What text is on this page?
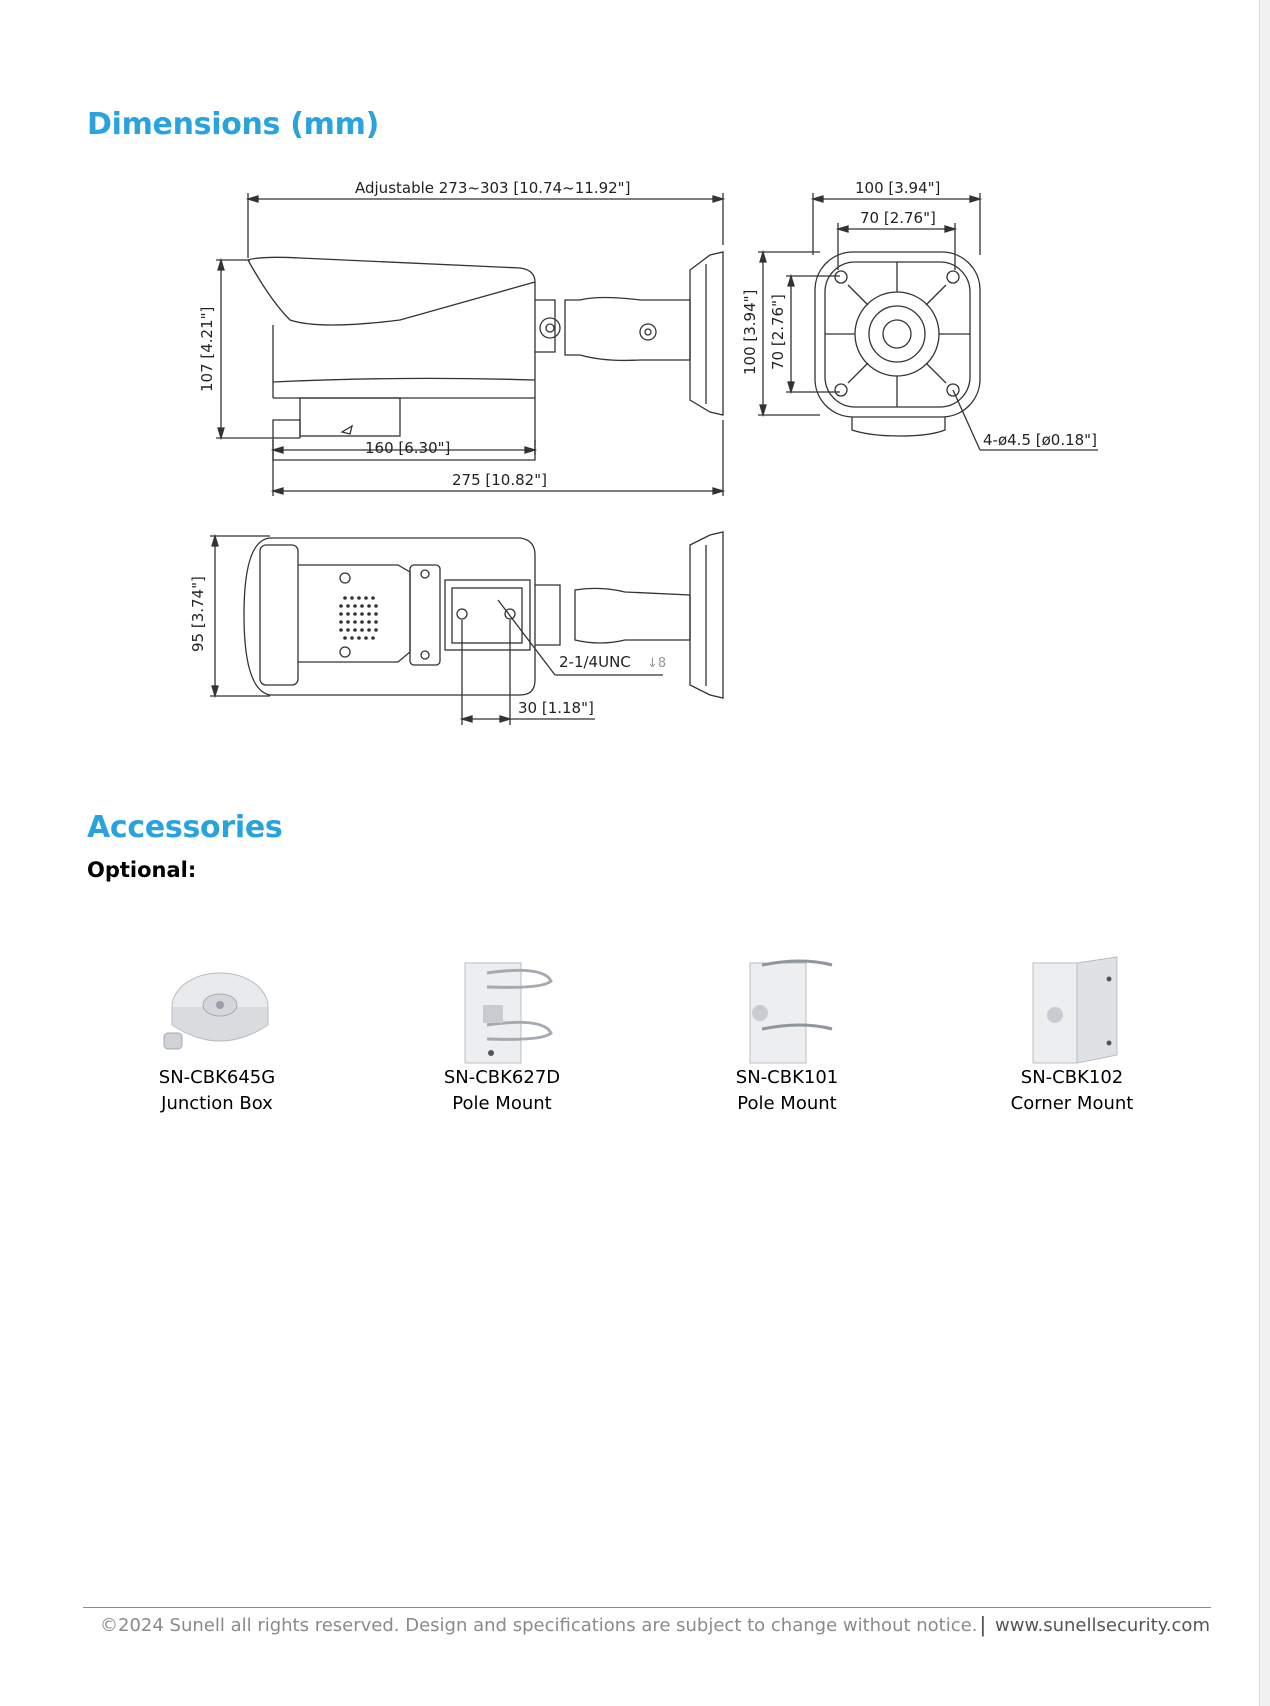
Dimensions (mm)
Adjustable 273~303 [10.74~11.92"]
107 [4.21"]
160 [6.30"]
275 [10.82"]
100 [3.94"]
70 [2.76"]
100 [3.94"] 70 [2.76"]
4-ø4.5 [ø0.18"]
95 [3.74"]
2-1/4UNC ↓8
30 [1.18"]
Accessories
Optional:
SN-CBK645G
Junction Box
SN-CBK627D
Pole Mount
SN-CBK101
Pole Mount
SN-CBK102
Corner Mount
©2024 Sunell all rights reserved. Design and specifications are subject to change without notice. | www.sunellsecurity.com
